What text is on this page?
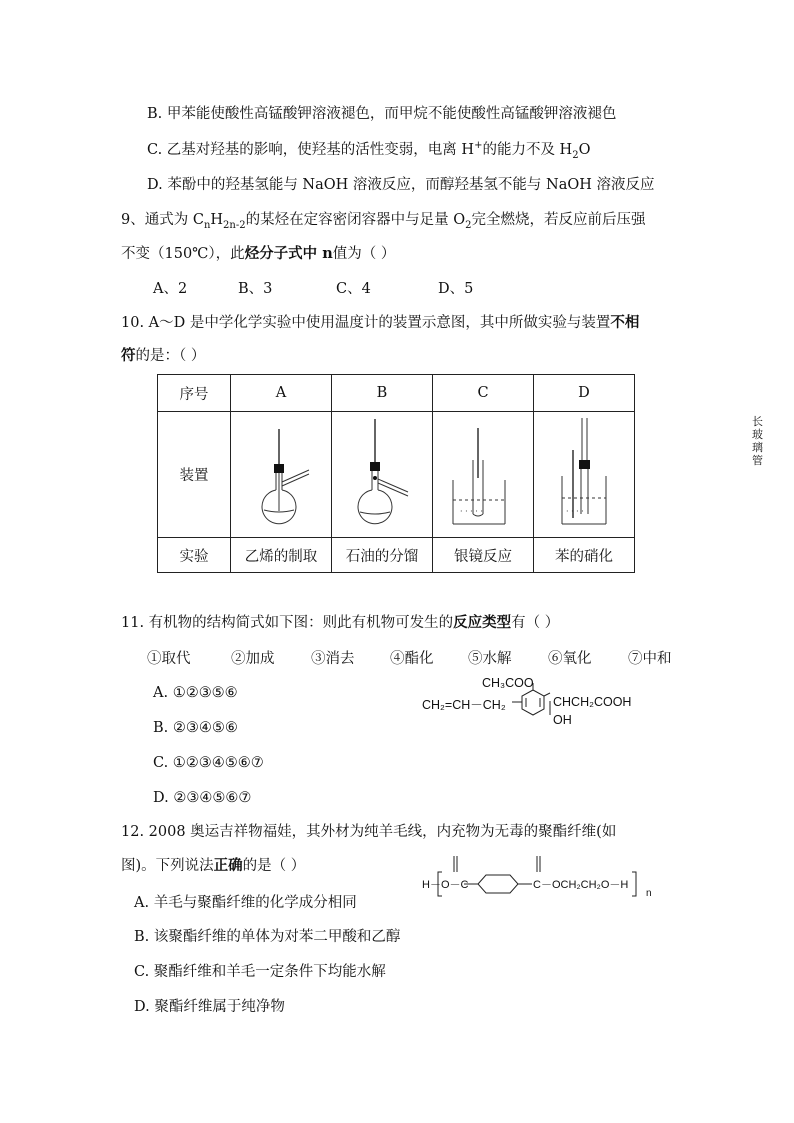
B. 甲苯能使酸性高锰酸钾溶液褪色，而甲烷不能使酸性高锰酸钾溶液褪色
C. 乙基对羟基的影响，使羟基的活性变弱，电离 H+的能力不及 $H_2O$
D. 苯酚中的羟基氢能与 NaOH 溶液反应，而醇羟基氢不能与 NaOH 溶液反应
9、通式为 $C_nH_{2n-2}$的某烃在定容密闭容器中与足量 $O_2$完全燃烧，若反应前后压强
不变（150℃），此烃分子式中 n值为（ ）
A、2	B、3	C、4	D、5
10. A～D 是中学化学实验中使用温度计的装置示意图，其中所做实验与装置不相
符的是：（ ）
序号	A	B	C	D
装置			· · · · ·	· · · ·
长玻璃管

实验	乙烯的制取	石油的分馏	银镜反应	苯的硝化
11. 有机物的结构简式如下图：则此有机物可发生的反应类型有（ ）
①取代	②加成	③消去 ④酯化 ⑤水解	⑥氧化	⑦中和
A. ①②③⑤⑥
B. ②③④⑤⑥
C. ①②③④⑤⑥⑦
D. ②③④⑤⑥⑦
CH₃COO
CH₂=CH－CH₂	CHCH₂COOH
OH
12. 2008 奥运吉祥物福娃，其外材为纯羊毛线，内充物为无毒的聚酯纤维(如
图)。下列说法正确的是（ ）
H－O－C	C－OCH₂CH₂O－H
n
A. 羊毛与聚酯纤维的化学成分相同
B. 该聚酯纤维的单体为对苯二甲酸和乙醇
C. 聚酯纤维和羊毛一定条件下均能水解
D. 聚酯纤维属于纯净物
